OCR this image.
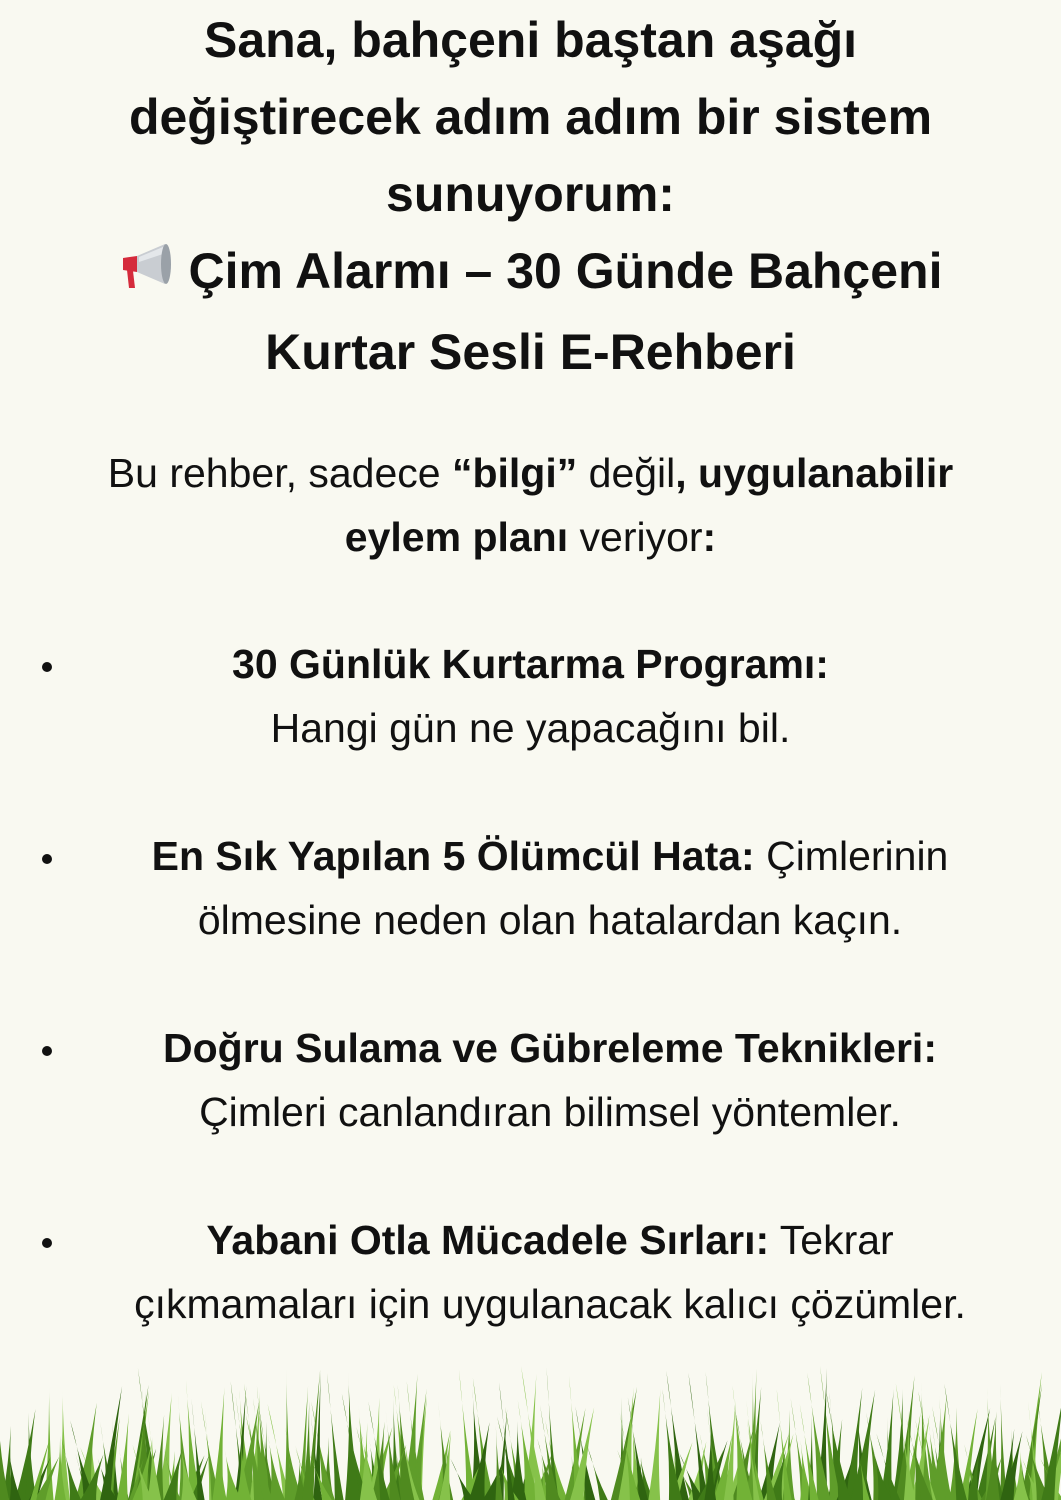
Sana, bahçeni baştan aşağı
değiştirecek adım adım bir sistem
sunuyorum:
Çim Alarmı – 30 Günde Bahçeni
Kurtar Sesli E-Rehberi

Bu rehber, sadece “bilgi” değil, uygulanabilir
eylem planı veriyor:

30 Günlük Kurtarma Programı:
Hangi gün ne yapacağını bil.
En Sık Yapılan 5 Ölümcül Hata: Çimlerinin
ölmesine neden olan hatalardan kaçın.
Doğru Sulama ve Gübreleme Teknikleri:
Çimleri canlandıran bilimsel yöntemler.
Yabani Otla Mücadele Sırları: Tekrar
çıkmamaları için uygulanacak kalıcı çözümler.
